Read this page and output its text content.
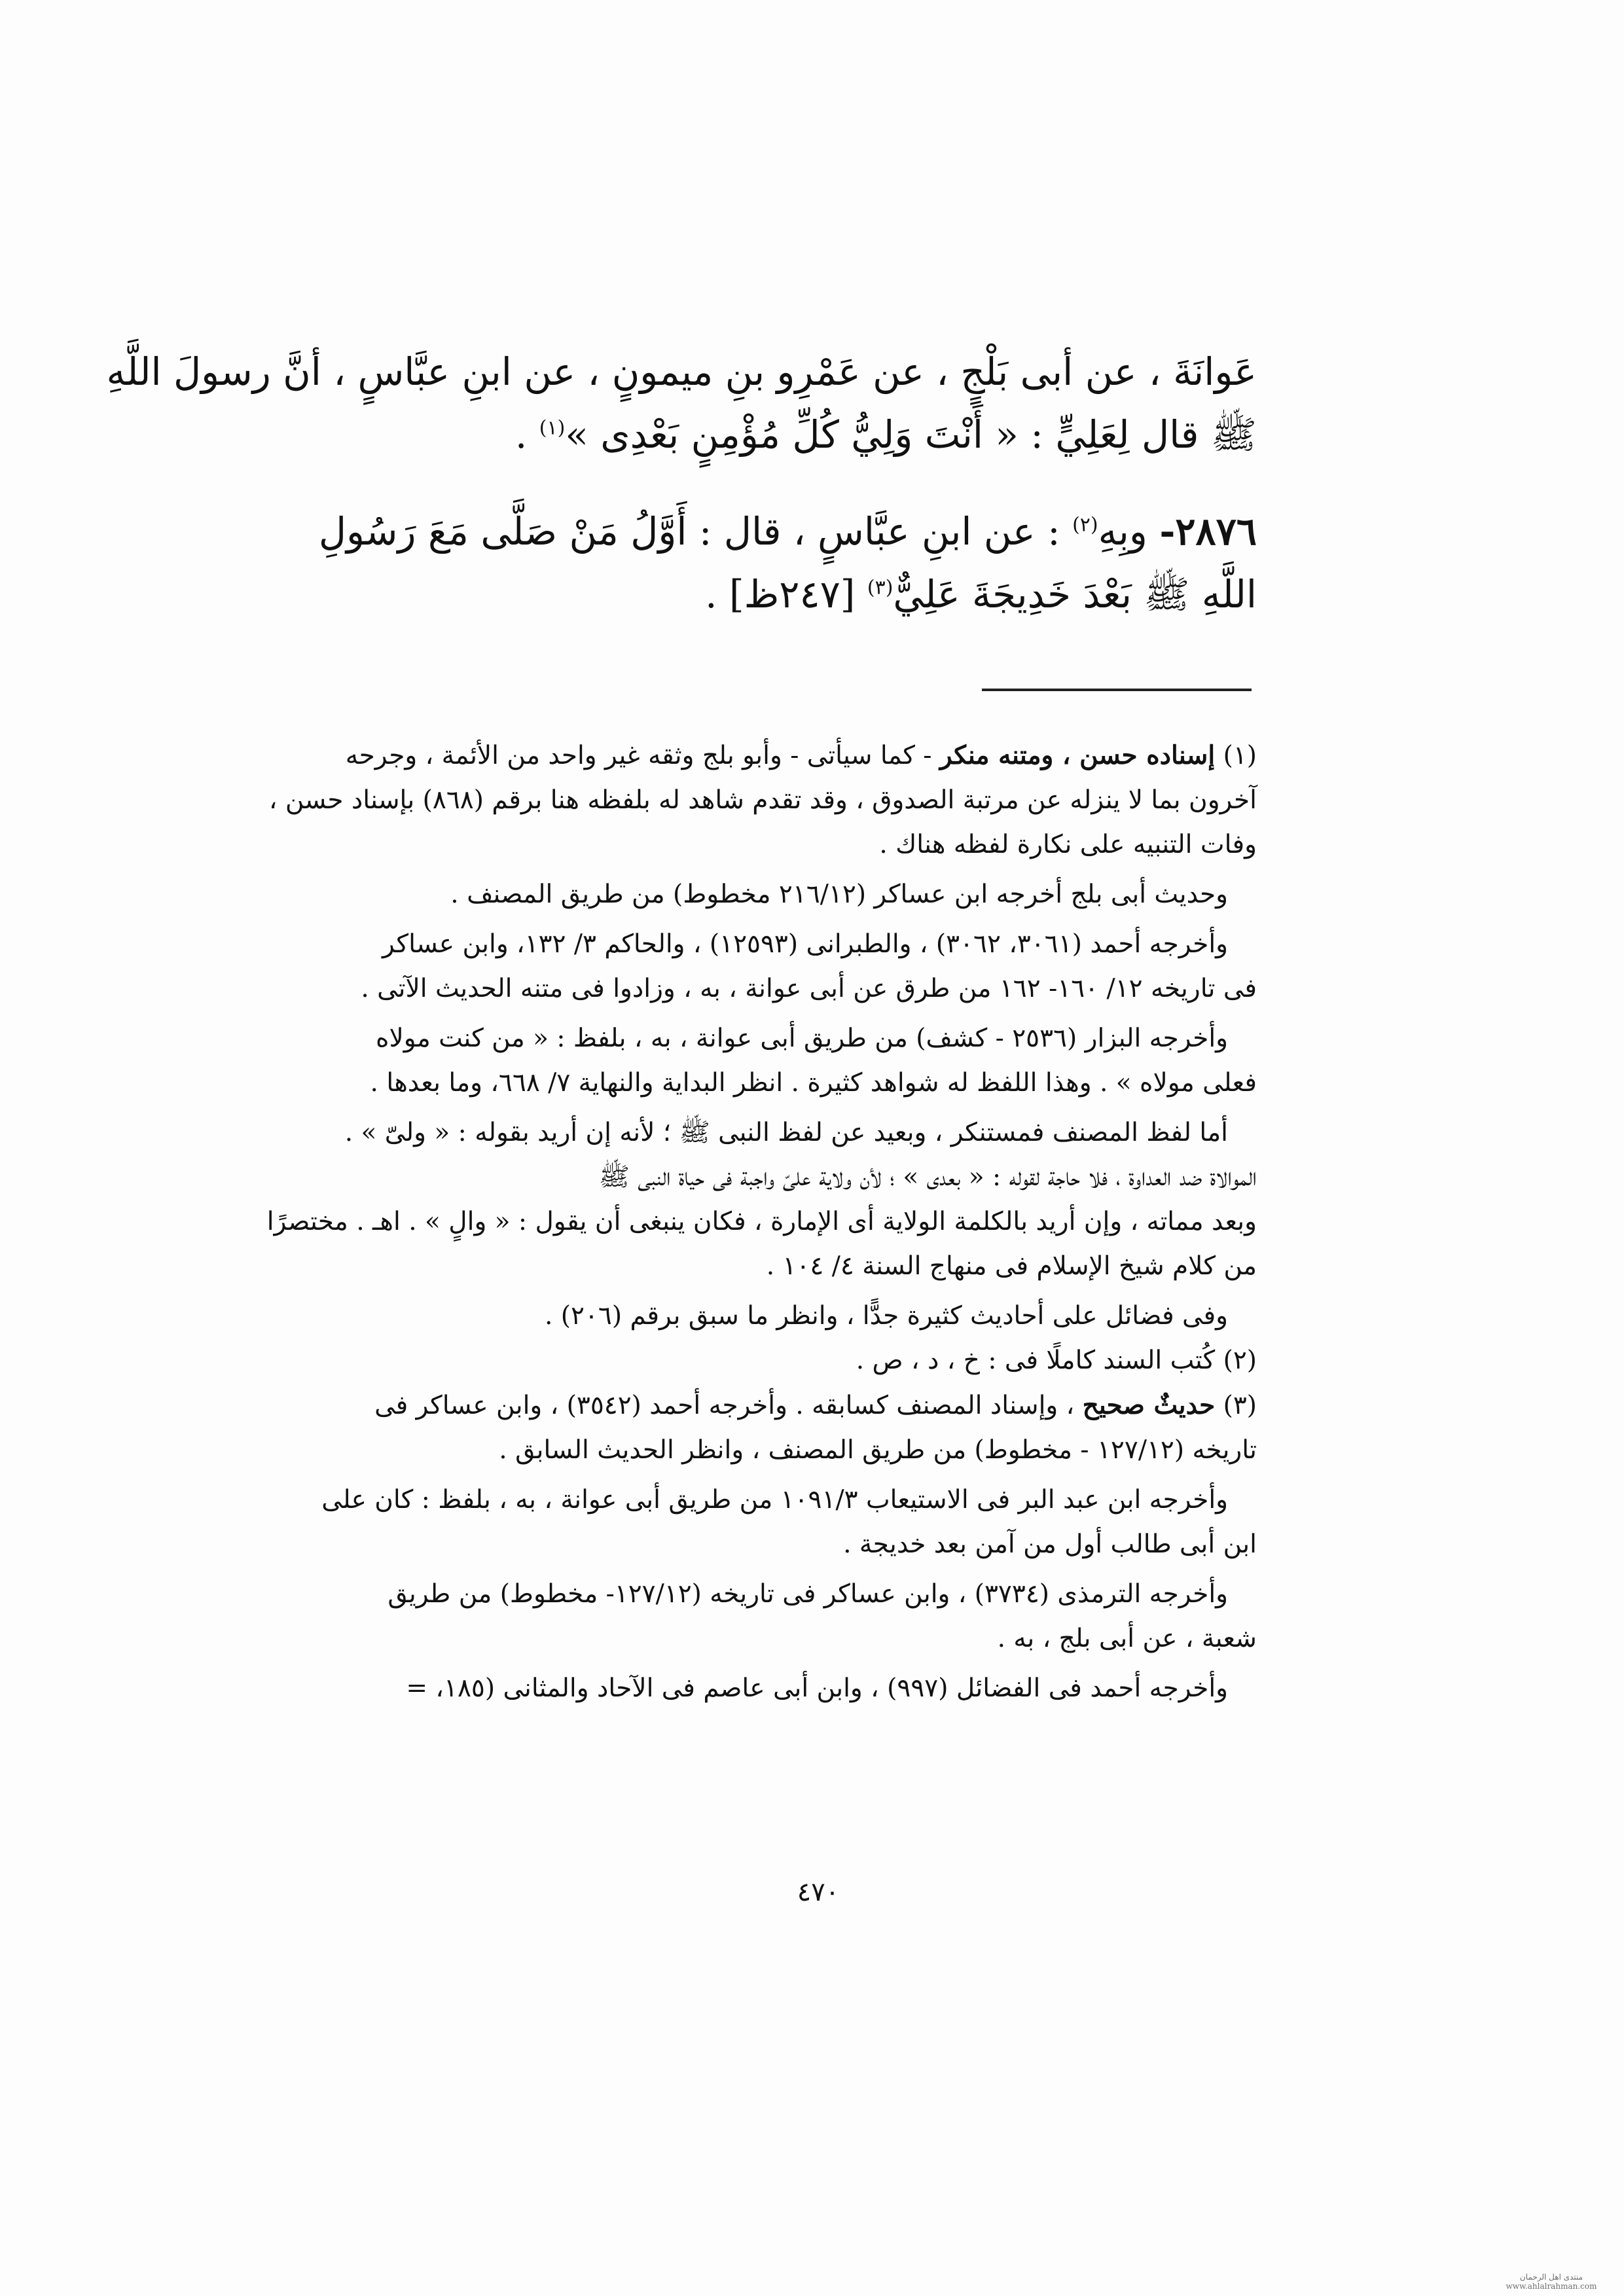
عَوانَةَ ، عن أبى بَلْجٍ ، عن عَمْرِو بنِ ميمونٍ ، عن ابنِ عبَّاسٍ ، أنَّ رسولَ اللَّهِ
ﷺ قال لِعَلِيٍّ : « أَنْتَ وَلِيُّ كُلِّ مُؤْمِنٍ بَعْدِى »$^{(١)}$ .
٢٨٧٦- وبِهِ$^{(٢)}$ : عن ابنِ عبَّاسٍ ، قال : أَوَّلُ مَنْ صَلَّى مَعَ رَسُولِ
اللَّهِ ﷺ بَعْدَ خَدِيجَةَ عَلِيٌّ$^{(٣)}$ [٢٤٧ظ] .
(١) إسناده حسن ، ومتنه منكر - كما سيأتى - وأبو بلج وثقه غير واحد من الأئمة ، وجرحه
آخرون بما لا ينزله عن مرتبة الصدوق ، وقد تقدم شاهد له بلفظه هنا برقم (٨٦٨) بإسناد حسن ،
وفات التنبيه على نكارة لفظه هناك .
وحديث أبى بلج أخرجه ابن عساكر (٢١٦/١٢ مخطوط) من طريق المصنف .
وأخرجه أحمد (٣٠٦١، ٣٠٦٢) ، والطبرانى (١٢٥٩٣) ، والحاكم ٣/ ١٣٢، وابن عساكر
فى تاريخه ١٢/ ١٦٠- ١٦٢ من طرق عن أبى عوانة ، به ، وزادوا فى متنه الحديث الآتى .
وأخرجه البزار (٢٥٣٦ - كشف) من طريق أبى عوانة ، به ، بلفظ : « من كنت مولاه
فعلى مولاه » . وهذا اللفظ له شواهد كثيرة . انظر البداية والنهاية ٧/ ٦٦٨، وما بعدها .
أما لفظ المصنف فمستنكر ، وبعيد عن لفظ النبى ﷺ ؛ لأنه إن أريد بقوله : « ولىّ » .
الموالاة ضد العداوة ، فلا حاجة لقوله : « بعدى » ؛ لأن ولاية علىّ واجبة فى حياة النبى ﷺ
وبعد مماته ، وإن أريد بالكلمة الولاية أى الإمارة ، فكان ينبغى أن يقول : « والٍ » . اهـ . مختصرًا
من كلام شيخ الإسلام فى منهاج السنة ٤/ ١٠٤ .
وفى فضائل على أحاديث كثيرة جدًّا ، وانظر ما سبق برقم (٢٠٦) .
(٢) كُتب السند كاملًا فى : خ ، د ، ص .
(٣) حديثٌ صحيح ، وإسناد المصنف كسابقه . وأخرجه أحمد (٣٥٤٢) ، وابن عساكر فى
تاريخه (١٢٧/١٢ - مخطوط) من طريق المصنف ، وانظر الحديث السابق .
وأخرجه ابن عبد البر فى الاستيعاب ١٠٩١/٣ من طريق أبى عوانة ، به ، بلفظ : كان على
ابن أبى طالب أول من آمن بعد خديجة .
وأخرجه الترمذى (٣٧٣٤) ، وابن عساكر فى تاريخه (١٢٧/١٢- مخطوط) من طريق
شعبة ، عن أبى بلج ، به .
وأخرجه أحمد فى الفضائل (٩٩٧) ، وابن أبى عاصم فى الآحاد والمثانى (١٨٥، =
٤٧٠
منتدى اهل الرحمان www.ahlalrahman.com
